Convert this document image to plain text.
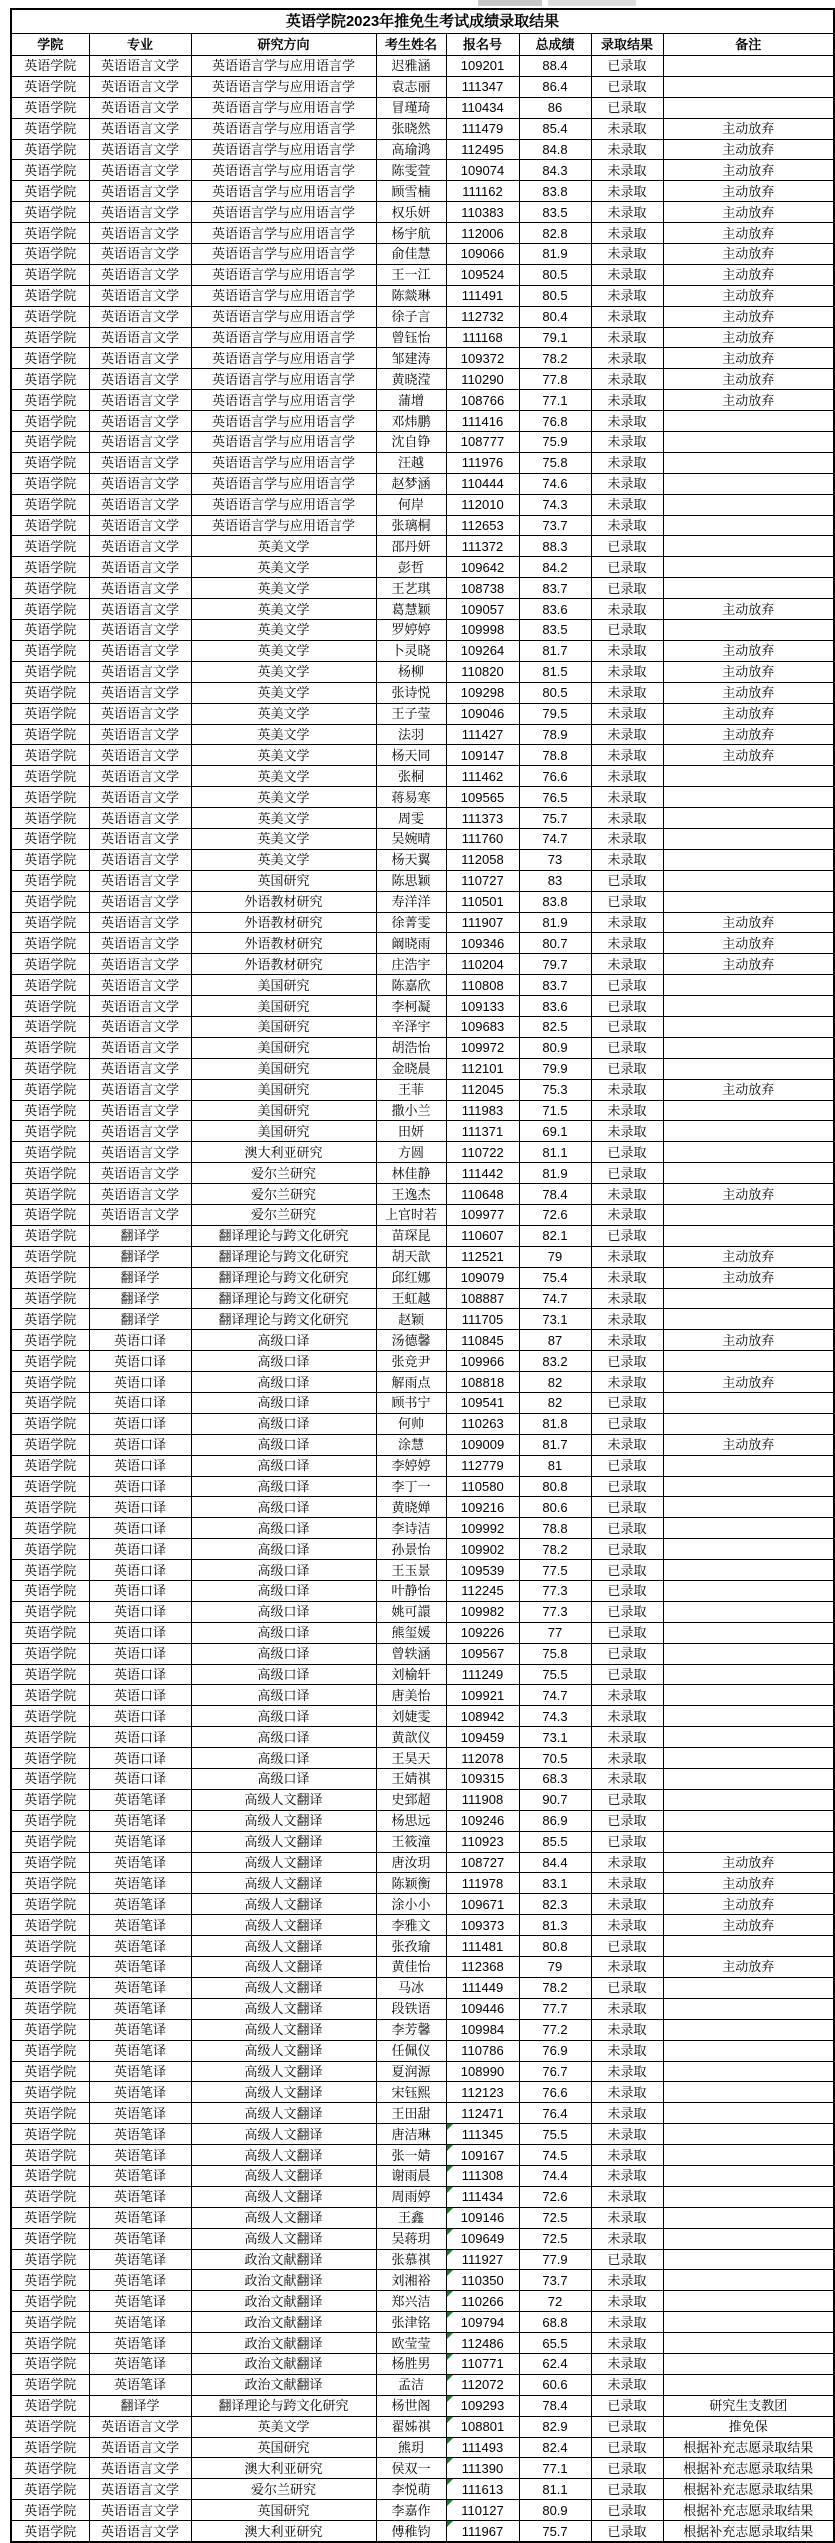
英语学院2023年推免生考试成绩录取结果							
学院	专业	研究方向	考生姓名	报名号	总成绩	录取结果	备注
英语学院	英语语言文学	英语语言学与应用语言学	迟雅涵	109201	88.4	已录取	
英语学院	英语语言文学	英语语言学与应用语言学	袁志丽	111347	86.4	已录取	
英语学院	英语语言文学	英语语言学与应用语言学	冒瑾琦	110434	86	已录取	
英语学院	英语语言文学	英语语言学与应用语言学	张晓然	111479	85.4	未录取	主动放弃
英语学院	英语语言文学	英语语言学与应用语言学	高瑜鸿	112495	84.8	未录取	主动放弃
英语学院	英语语言文学	英语语言学与应用语言学	陈雯萱	109074	84.3	未录取	主动放弃
英语学院	英语语言文学	英语语言学与应用语言学	顾雪楠	111162	83.8	未录取	主动放弃
英语学院	英语语言文学	英语语言学与应用语言学	权乐妍	110383	83.5	未录取	主动放弃
英语学院	英语语言文学	英语语言学与应用语言学	杨宇航	112006	82.8	未录取	主动放弃
英语学院	英语语言文学	英语语言学与应用语言学	俞佳慧	109066	81.9	未录取	主动放弃
英语学院	英语语言文学	英语语言学与应用语言学	王一江	109524	80.5	未录取	主动放弃
英语学院	英语语言文学	英语语言学与应用语言学	陈燚琳	111491	80.5	未录取	主动放弃
英语学院	英语语言文学	英语语言学与应用语言学	徐子言	112732	80.4	未录取	主动放弃
英语学院	英语语言文学	英语语言学与应用语言学	曾钰怡	111168	79.1	未录取	主动放弃
英语学院	英语语言文学	英语语言学与应用语言学	邹建涛	109372	78.2	未录取	主动放弃
英语学院	英语语言文学	英语语言学与应用语言学	黄晓滢	110290	77.8	未录取	主动放弃
英语学院	英语语言文学	英语语言学与应用语言学	蒲增	108766	77.1	未录取	主动放弃
英语学院	英语语言文学	英语语言学与应用语言学	邓炜鹏	111416	76.8	未录取	
英语学院	英语语言文学	英语语言学与应用语言学	沈自铮	108777	75.9	未录取	
英语学院	英语语言文学	英语语言学与应用语言学	汪越	111976	75.8	未录取	
英语学院	英语语言文学	英语语言学与应用语言学	赵梦涵	110444	74.6	未录取	
英语学院	英语语言文学	英语语言学与应用语言学	何岸	112010	74.3	未录取	
英语学院	英语语言文学	英语语言学与应用语言学	张璃桐	112653	73.7	未录取	
英语学院	英语语言文学	英美文学	邵丹妍	111372	88.3	已录取	
英语学院	英语语言文学	英美文学	彭哲	109642	84.2	已录取	
英语学院	英语语言文学	英美文学	王艺琪	108738	83.7	已录取	
英语学院	英语语言文学	英美文学	葛慧颖	109057	83.6	未录取	主动放弃
英语学院	英语语言文学	英美文学	罗婷婷	109998	83.5	已录取	
英语学院	英语语言文学	英美文学	卜灵晓	109264	81.7	未录取	主动放弃
英语学院	英语语言文学	英美文学	杨柳	110820	81.5	未录取	主动放弃
英语学院	英语语言文学	英美文学	张诗悦	109298	80.5	未录取	主动放弃
英语学院	英语语言文学	英美文学	王子莹	109046	79.5	未录取	主动放弃
英语学院	英语语言文学	英美文学	法羽	111427	78.9	未录取	主动放弃
英语学院	英语语言文学	英美文学	杨天同	109147	78.8	未录取	主动放弃
英语学院	英语语言文学	英美文学	张桐	111462	76.6	未录取	
英语学院	英语语言文学	英美文学	蒋易寒	109565	76.5	未录取	
英语学院	英语语言文学	英美文学	周雯	111373	75.7	未录取	
英语学院	英语语言文学	英美文学	吴婉晴	111760	74.7	未录取	
英语学院	英语语言文学	英美文学	杨天翼	112058	73	未录取	
英语学院	英语语言文学	英国研究	陈思颖	110727	83	已录取	
英语学院	英语语言文学	外语教材研究	寿洋洋	110501	83.8	已录取	
英语学院	英语语言文学	外语教材研究	徐菁雯	111907	81.9	未录取	主动放弃
英语学院	英语语言文学	外语教材研究	阚晓雨	109346	80.7	未录取	主动放弃
英语学院	英语语言文学	外语教材研究	庄浩宇	110204	79.7	未录取	主动放弃
英语学院	英语语言文学	美国研究	陈嘉欣	110808	83.7	已录取	
英语学院	英语语言文学	美国研究	李柯凝	109133	83.6	已录取	
英语学院	英语语言文学	美国研究	辛泽宇	109683	82.5	已录取	
英语学院	英语语言文学	美国研究	胡浩怡	109972	80.9	已录取	
英语学院	英语语言文学	美国研究	金晓晨	112101	79.9	已录取	
英语学院	英语语言文学	美国研究	王菲	112045	75.3	未录取	主动放弃
英语学院	英语语言文学	美国研究	撒小兰	111983	71.5	未录取	
英语学院	英语语言文学	美国研究	田妍	111371	69.1	未录取	
英语学院	英语语言文学	澳大利亚研究	方圆	110722	81.1	已录取	
英语学院	英语语言文学	爱尔兰研究	林佳静	111442	81.9	已录取	
英语学院	英语语言文学	爱尔兰研究	王逸杰	110648	78.4	未录取	主动放弃
英语学院	英语语言文学	爱尔兰研究	上官时若	109977	72.6	未录取	
英语学院	翻译学	翻译理论与跨文化研究	苗琛昆	110607	82.1	已录取	
英语学院	翻译学	翻译理论与跨文化研究	胡天歆	112521	79	未录取	主动放弃
英语学院	翻译学	翻译理论与跨文化研究	邱红娜	109079	75.4	未录取	主动放弃
英语学院	翻译学	翻译理论与跨文化研究	王虹越	108887	74.7	未录取	
英语学院	翻译学	翻译理论与跨文化研究	赵颖	111705	73.1	未录取	
英语学院	英语口译	高级口译	汤德馨	110845	87	未录取	主动放弃
英语学院	英语口译	高级口译	张竞尹	109966	83.2	已录取	
英语学院	英语口译	高级口译	解雨点	108818	82	未录取	主动放弃
英语学院	英语口译	高级口译	顾书宁	109541	82	已录取	
英语学院	英语口译	高级口译	何帅	110263	81.8	已录取	
英语学院	英语口译	高级口译	涂慧	109009	81.7	未录取	主动放弃
英语学院	英语口译	高级口译	李婷婷	112779	81	已录取	
英语学院	英语口译	高级口译	李丁一	110580	80.8	已录取	
英语学院	英语口译	高级口译	黄晓婵	109216	80.6	已录取	
英语学院	英语口译	高级口译	李诗洁	109992	78.8	已录取	
英语学院	英语口译	高级口译	孙景怡	109902	78.2	已录取	
英语学院	英语口译	高级口译	王玉景	109539	77.5	已录取	
英语学院	英语口译	高级口译	叶静怡	112245	77.3	已录取	
英语学院	英语口译	高级口译	姚可譞	109982	77.3	已录取	
英语学院	英语口译	高级口译	熊玺媛	109226	77	已录取	
英语学院	英语口译	高级口译	曾轶涵	109567	75.8	已录取	
英语学院	英语口译	高级口译	刘榆轩	111249	75.5	已录取	
英语学院	英语口译	高级口译	唐美怡	109921	74.7	未录取	
英语学院	英语口译	高级口译	刘婕雯	108942	74.3	未录取	
英语学院	英语口译	高级口译	黄歆仪	109459	73.1	未录取	
英语学院	英语口译	高级口译	王昊天	112078	70.5	未录取	
英语学院	英语口译	高级口译	王婧祺	109315	68.3	未录取	
英语学院	英语笔译	高级人文翻译	史郅超	111908	90.7	已录取	
英语学院	英语笔译	高级人文翻译	杨思远	109246	86.9	已录取	
英语学院	英语笔译	高级人文翻译	王筱潼	110923	85.5	已录取	
英语学院	英语笔译	高级人文翻译	唐汝玥	108727	84.4	未录取	主动放弃
英语学院	英语笔译	高级人文翻译	陈颖衡	111978	83.1	未录取	主动放弃
英语学院	英语笔译	高级人文翻译	涂小小	109671	82.3	未录取	主动放弃
英语学院	英语笔译	高级人文翻译	李雅文	109373	81.3	未录取	主动放弃
英语学院	英语笔译	高级人文翻译	张孜瑜	111481	80.8	已录取	
英语学院	英语笔译	高级人文翻译	黄佳怡	112368	79	未录取	主动放弃
英语学院	英语笔译	高级人文翻译	马冰	111449	78.2	已录取	
英语学院	英语笔译	高级人文翻译	段铁语	109446	77.7	未录取	
英语学院	英语笔译	高级人文翻译	李芳馨	109984	77.2	未录取	
英语学院	英语笔译	高级人文翻译	任佩仪	110786	76.9	未录取	
英语学院	英语笔译	高级人文翻译	夏润源	108990	76.7	未录取	
英语学院	英语笔译	高级人文翻译	宋钰熙	112123	76.6	未录取	
英语学院	英语笔译	高级人文翻译	王田甜	112471	76.4	未录取	
英语学院	英语笔译	高级人文翻译	唐洁琳	111345	75.5	未录取	
英语学院	英语笔译	高级人文翻译	张一婧	109167	74.5	未录取	
英语学院	英语笔译	高级人文翻译	谢雨晨	111308	74.4	未录取	
英语学院	英语笔译	高级人文翻译	周雨婷	111434	72.6	未录取	
英语学院	英语笔译	高级人文翻译	王鑫	109146	72.5	未录取	
英语学院	英语笔译	高级人文翻译	吴蒋玥	109649	72.5	未录取	
英语学院	英语笔译	政治文献翻译	张慕祺	111927	77.9	已录取	
英语学院	英语笔译	政治文献翻译	刘湘裕	110350	73.7	未录取	
英语学院	英语笔译	政治文献翻译	郑兴洁	110266	72	未录取	
英语学院	英语笔译	政治文献翻译	张津铭	109794	68.8	未录取	
英语学院	英语笔译	政治文献翻译	欧莹莹	112486	65.5	未录取	
英语学院	英语笔译	政治文献翻译	杨胜男	110771	62.4	未录取	
英语学院	英语笔译	政治文献翻译	孟洁	112072	60.6	未录取	
英语学院	翻译学	翻译理论与跨文化研究	杨世阁	109293	78.4	已录取	研究生支教团
英语学院	英语语言文学	英美文学	翟姊祺	108801	82.9	已录取	推免保
英语学院	英语语言文学	英国研究	熊玥	111493	82.4	已录取	根据补充志愿录取结果
英语学院	英语语言文学	澳大利亚研究	侯双一	111390	77.1	已录取	根据补充志愿录取结果
英语学院	英语语言文学	爱尔兰研究	李悦萌	111613	81.1	已录取	根据补充志愿录取结果
英语学院	英语语言文学	英国研究	李嘉作	110127	80.9	已录取	根据补充志愿录取结果
英语学院	英语语言文学	澳大利亚研究	傅稚钧	111967	75.7	已录取	根据补充志愿录取结果
